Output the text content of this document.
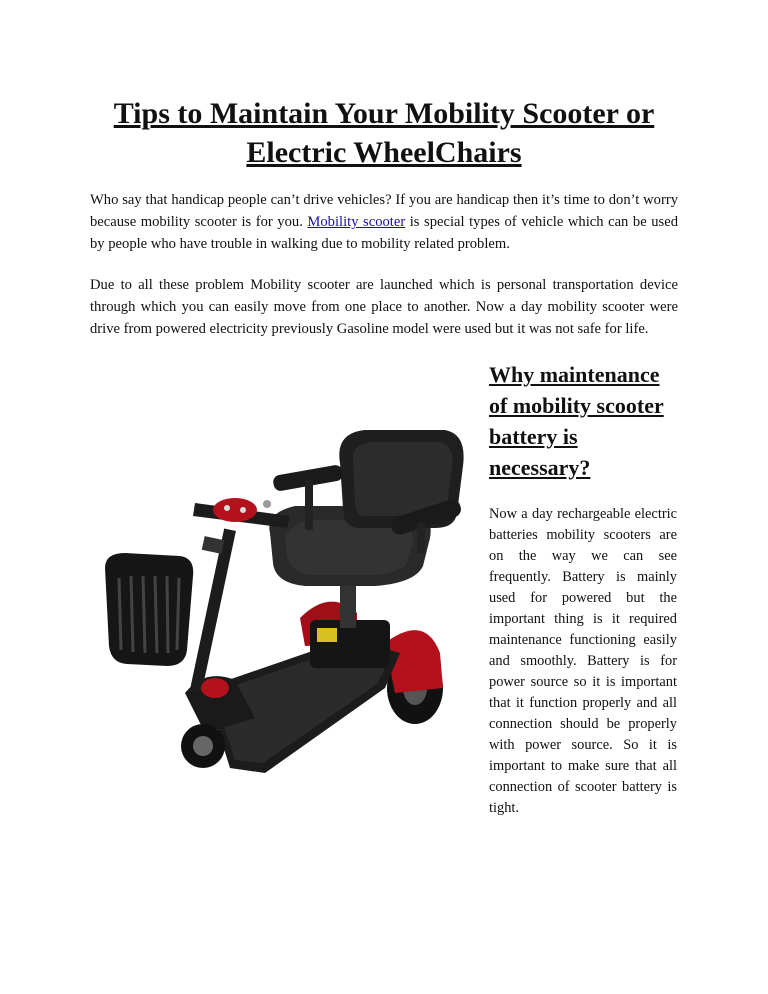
Tips to Maintain Your Mobility Scooter or Electric WheelChairs

Who say that handicap people can’t drive vehicles? If you are handicap then it’s time to don’t worry because mobility scooter is for you. Mobility scooter is special types of vehicle which can be used by people who have trouble in walking due to mobility related problem.

Due to all these problem Mobility scooter are launched which is personal transportation device through which you can easily move from one place to another. Now a day mobility scooter were drive from powered electricity previously Gasoline model were used but it was not safe for life.

Why maintenance of mobility scooter battery is necessary?
Now a day rechargeable electric batteries mobility scooters are on the way we can see frequently. Battery is mainly used for powered but the important thing is it required maintenance functioning easily and smoothly. Battery is for power source so it is important that it function properly and all connection should be properly with power source. So it is important to make sure that all connection of scooter battery is tight.
